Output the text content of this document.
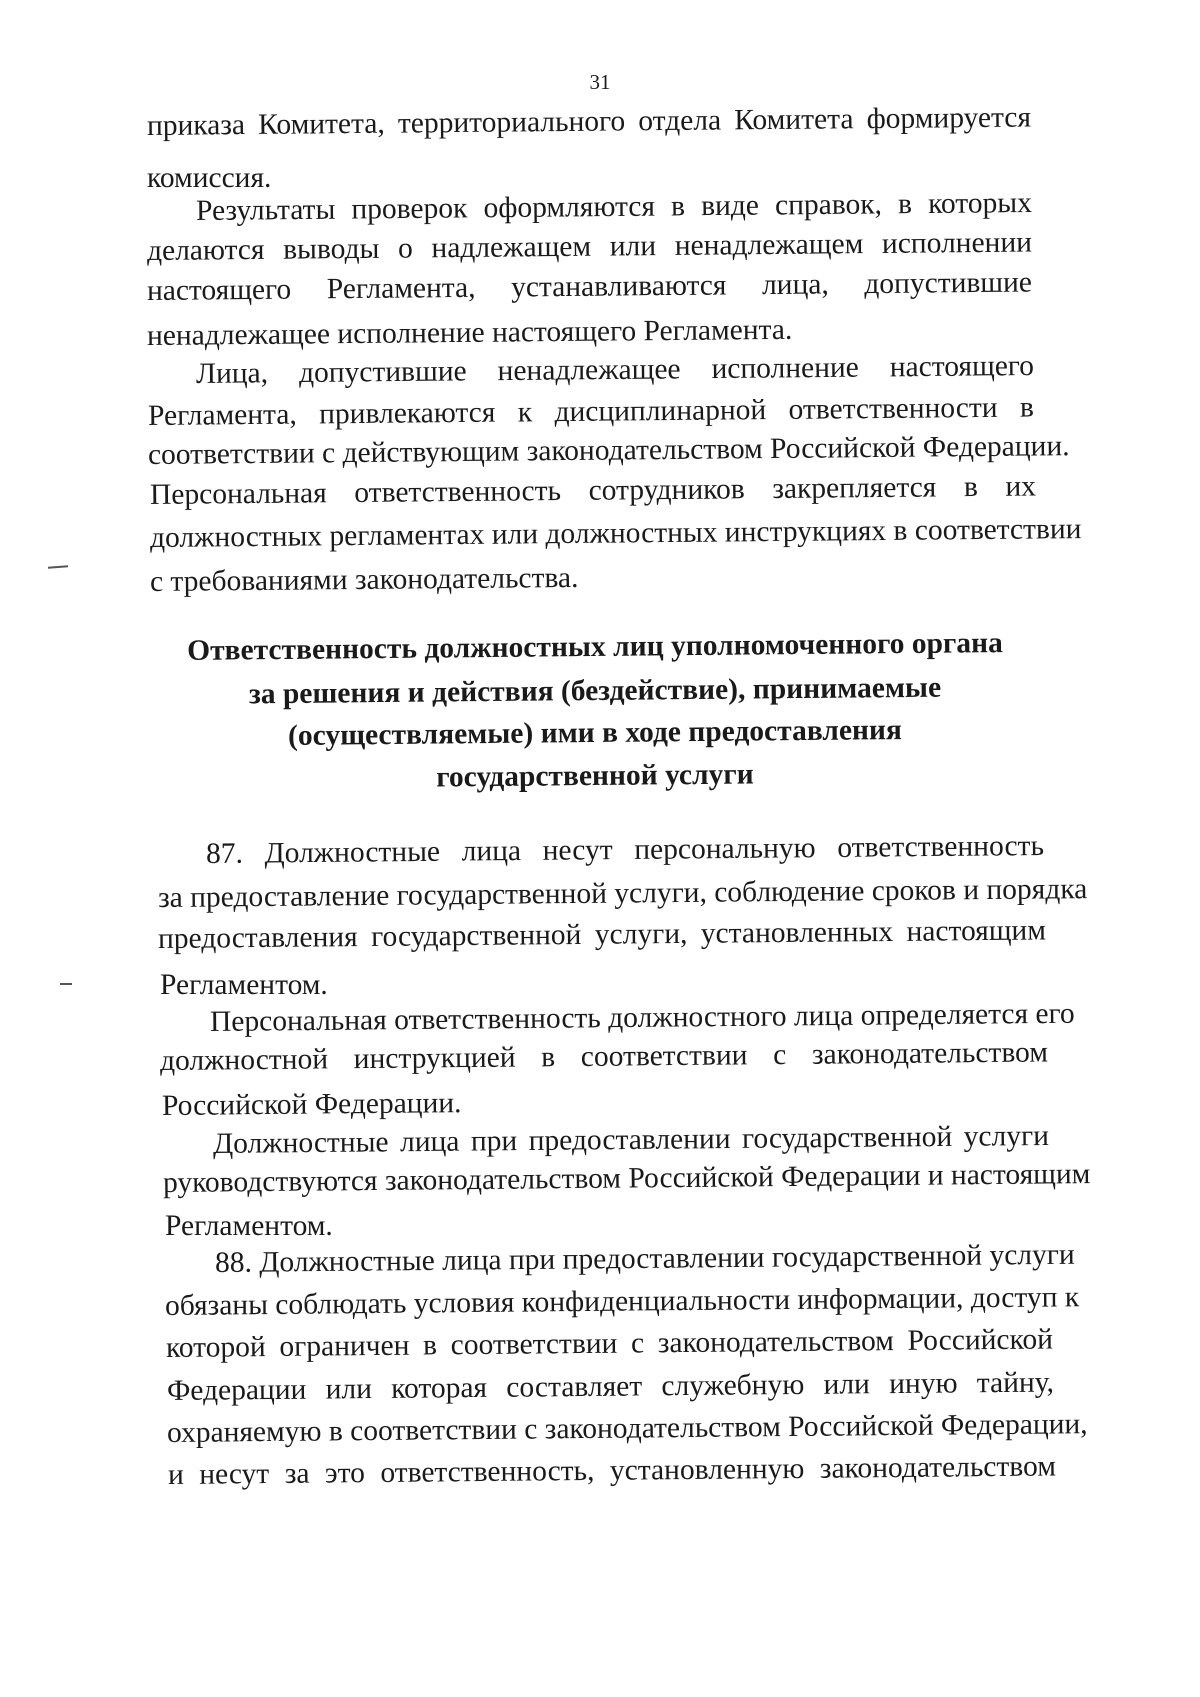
31
приказа Комитета, территориального отдела Комитета формируется
комиссия.
Результаты проверок оформляются в виде справок, в которых
делаются выводы о надлежащем или ненадлежащем исполнении
настоящего Регламента, устанавливаются лица, допустившие
ненадлежащее исполнение настоящего Регламента.
Лица, допустившие ненадлежащее исполнение настоящего
Регламента, привлекаются к дисциплинарной ответственности в
соответствии с действующим законодательством Российской Федерации.
Персональная ответственность сотрудников закрепляется в их
должностных регламентах или должностных инструкциях в соответствии
с требованиями законодательства.
Ответственность должностных лиц уполномоченного органа
за решения и действия (бездействие), принимаемые
(осуществляемые) ими в ходе предоставления
государственной услуги
87. Должностные лица несут персональную ответственность
за предоставление государственной услуги, соблюдение сроков и порядка
предоставления государственной услуги, установленных настоящим
Регламентом.
Персональная ответственность должностного лица определяется его
должностной инструкцией в соответствии с законодательством
Российской Федерации.
Должностные лица при предоставлении государственной услуги
руководствуются законодательством Российской Федерации и настоящим
Регламентом.
88. Должностные лица при предоставлении государственной услуги
обязаны соблюдать условия конфиденциальности информации, доступ к
которой ограничен в соответствии с законодательством Российской
Федерации или которая составляет служебную или иную тайну,
охраняемую в соответствии с законодательством Российской Федерации,
и несут за это ответственность, установленную законодательством
